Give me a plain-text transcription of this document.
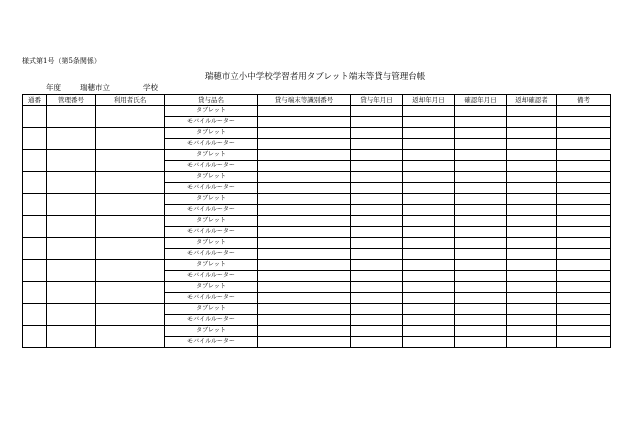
様式第1号（第5条関係）
瑞穂市立小中学校学習者用タブレット端末等貸与管理台帳
年度	瑞穂市立	学校
通番	管理番号	利用者氏名	貸与品名	貸与端末等識別番号	貸与年月日	返却年月日	確認年月日	返却確認者	備考
			タブレット						
			モバイルルーター						
			タブレット						
			モバイルルーター						
			タブレット						
			モバイルルーター						
			タブレット						
			モバイルルーター						
			タブレット						
			モバイルルーター						
			タブレット						
			モバイルルーター						
			タブレット						
			モバイルルーター						
			タブレット						
			モバイルルーター						
			タブレット						
			モバイルルーター						
			タブレット						
			モバイルルーター						
			タブレット						
			モバイルルーター						
